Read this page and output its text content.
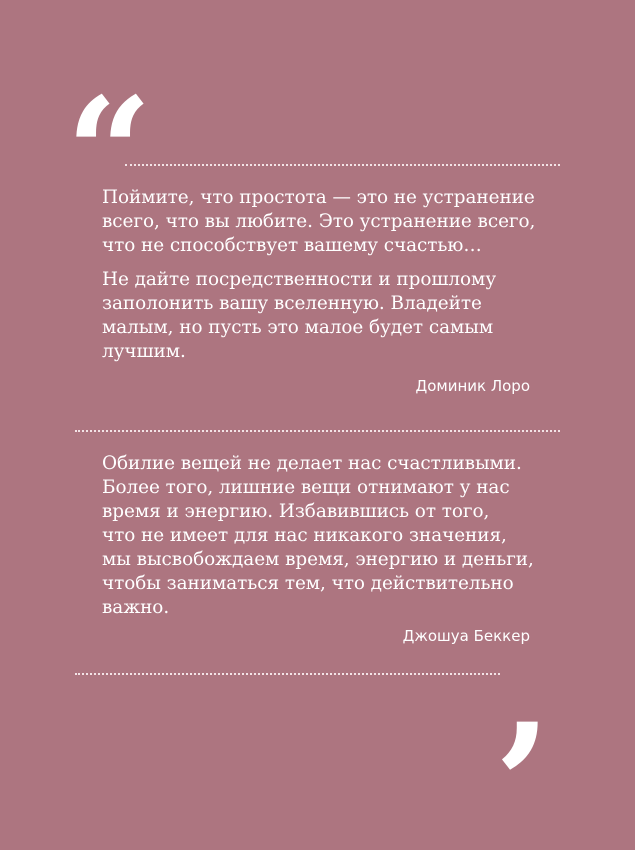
“

Поймите, что простота — это не устранение
всего, что вы любите. Это устранение всего,
что не способствует вашему счастью…

Не дайте посредственности и прошлому
заполонить вашу вселенную. Владейте
малым, но пусть это малое будет самым
лучшим.

Доминик Лоро

Обилие вещей не делает нас счастливыми.
Более того, лишние вещи отнимают у нас
время и энергию. Избавившись от того,
что не имеет для нас никакого значения,
мы высвобождаем время, энергию и деньги,
чтобы заниматься тем, что действительно
важно.

Джошуа Беккер
,
